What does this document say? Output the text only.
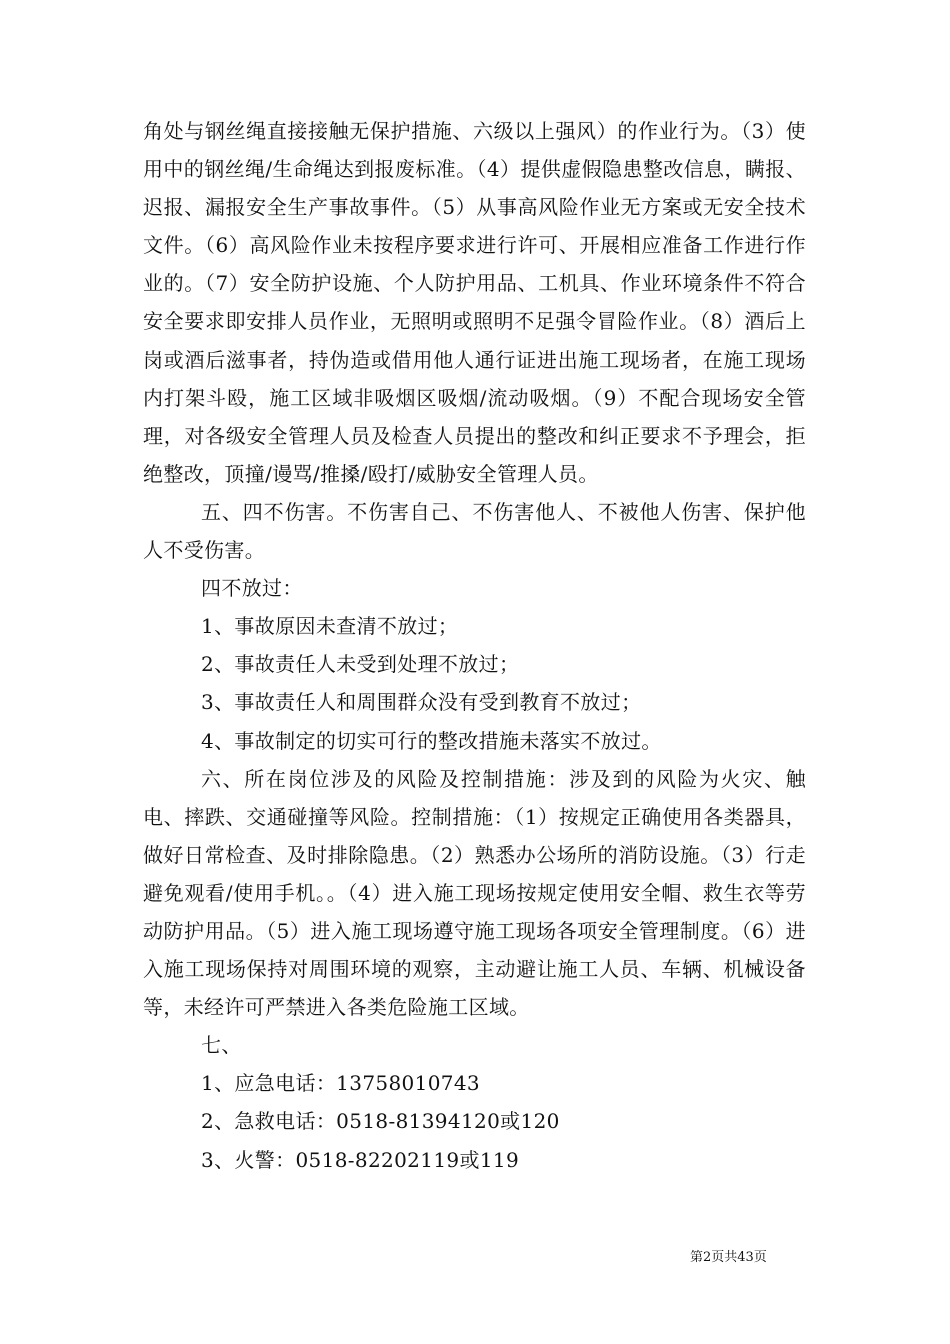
角处与钢丝绳直接接触无保护措施、六级以上强风）的作业行为。（3）使用中的钢丝绳/生命绳达到报废标准。（4）提供虚假隐患整改信息，瞒报、迟报、漏报安全生产事故事件。（5）从事高风险作业无方案或无安全技术文件。（6）高风险作业未按程序要求进行许可、开展相应准备工作进行作业的。（7）安全防护设施、个人防护用品、工机具、作业环境条件不符合安全要求即安排人员作业，无照明或照明不足强令冒险作业。（8）酒后上岗或酒后滋事者，持伪造或借用他人通行证进出施工现场者，在施工现场内打架斗殴，施工区域非吸烟区吸烟/流动吸烟。（9）不配合现场安全管理，对各级安全管理人员及检查人员提出的整改和纠正要求不予理会，拒绝整改，顶撞/谩骂/推搡/殴打/威胁安全管理人员。

五、四不伤害。不伤害自己、不伤害他人、不被他人伤害、保护他人不受伤害。

四不放过：

1、事故原因未查清不放过；

2、事故责任人未受到处理不放过；

3、事故责任人和周围群众没有受到教育不放过；

4、事故制定的切实可行的整改措施未落实不放过。

六、所在岗位涉及的风险及控制措施：涉及到的风险为火灾、触电、摔跌、交通碰撞等风险。控制措施：（1）按规定正确使用各类器具，做好日常检查、及时排除隐患。（2）熟悉办公场所的消防设施。（3）行走避免观看/使用手机。。（4）进入施工现场按规定使用安全帽、救生衣等劳动防护用品。（5）进入施工现场遵守施工现场各项安全管理制度。（6）进入施工现场保持对周围环境的观察，主动避让施工人员、车辆、机械设备等，未经许可严禁进入各类危险施工区域。

七、

1、应急电话：13758010743

2、急救电话：0518-81394120或120

3、火警：0518-82202119或119

第2页共43页
